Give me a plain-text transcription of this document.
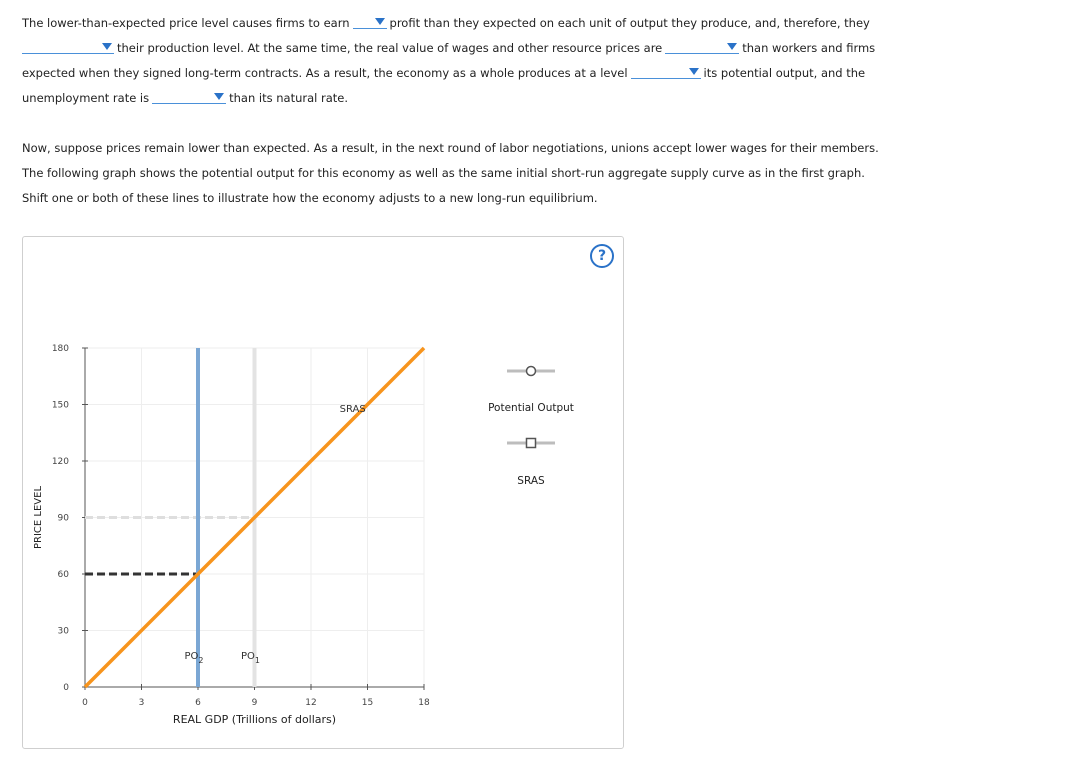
The lower-than-expected price level causes firms to earn	profit than they expected on each unit of output they produce, and, therefore, they
their production level. At the same time, the real value of wages and other resource prices are	than workers and firms
expected when they signed long-term contracts. As a result, the economy as a whole produces at a level	its potential output, and the
unemployment rate is	than its natural rate.
Now, suppose prices remain lower than expected. As a result, in the next round of labor negotiations, unions accept lower wages for their members.
The following graph shows the potential output for this economy as well as the same initial short-run aggregate supply curve as in the first graph.
Shift one or both of these lines to illustrate how the economy adjusts to a new long-run equilibrium.
?
0	3	6	9	12	15	18
0
30
60
90
120
150
180
REAL GDP (Trillions of dollars)
PRICE LEVEL
SRAS
$PO_2$	$PO_1$
Potential Output
SRAS
